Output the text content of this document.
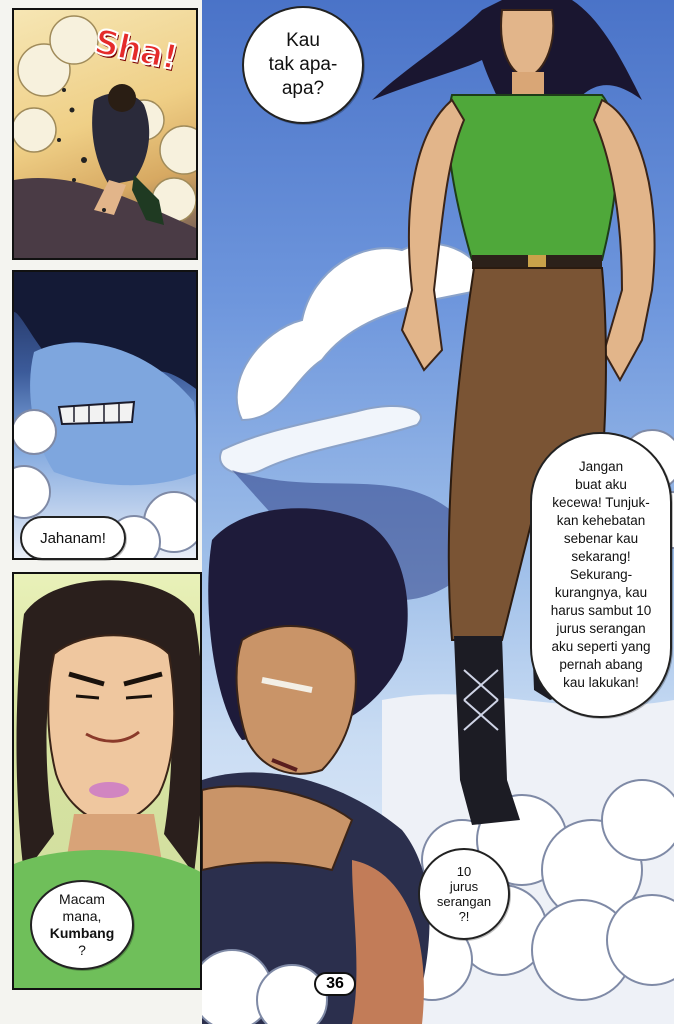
Sha!	Kau
tak apa-
apa?
Jahanam!
Jangan
buat aku
kecewa! Tunjuk-
kan kehebatan
sebenar kau
sekarang!
Sekurang-
kurangnya, kau
harus sambut 10
jurus serangan
aku seperti yang
pernah abang
kau lakukan!
Macam
mana,
Kumbang
?
10
jurus
serangan
?!
36
